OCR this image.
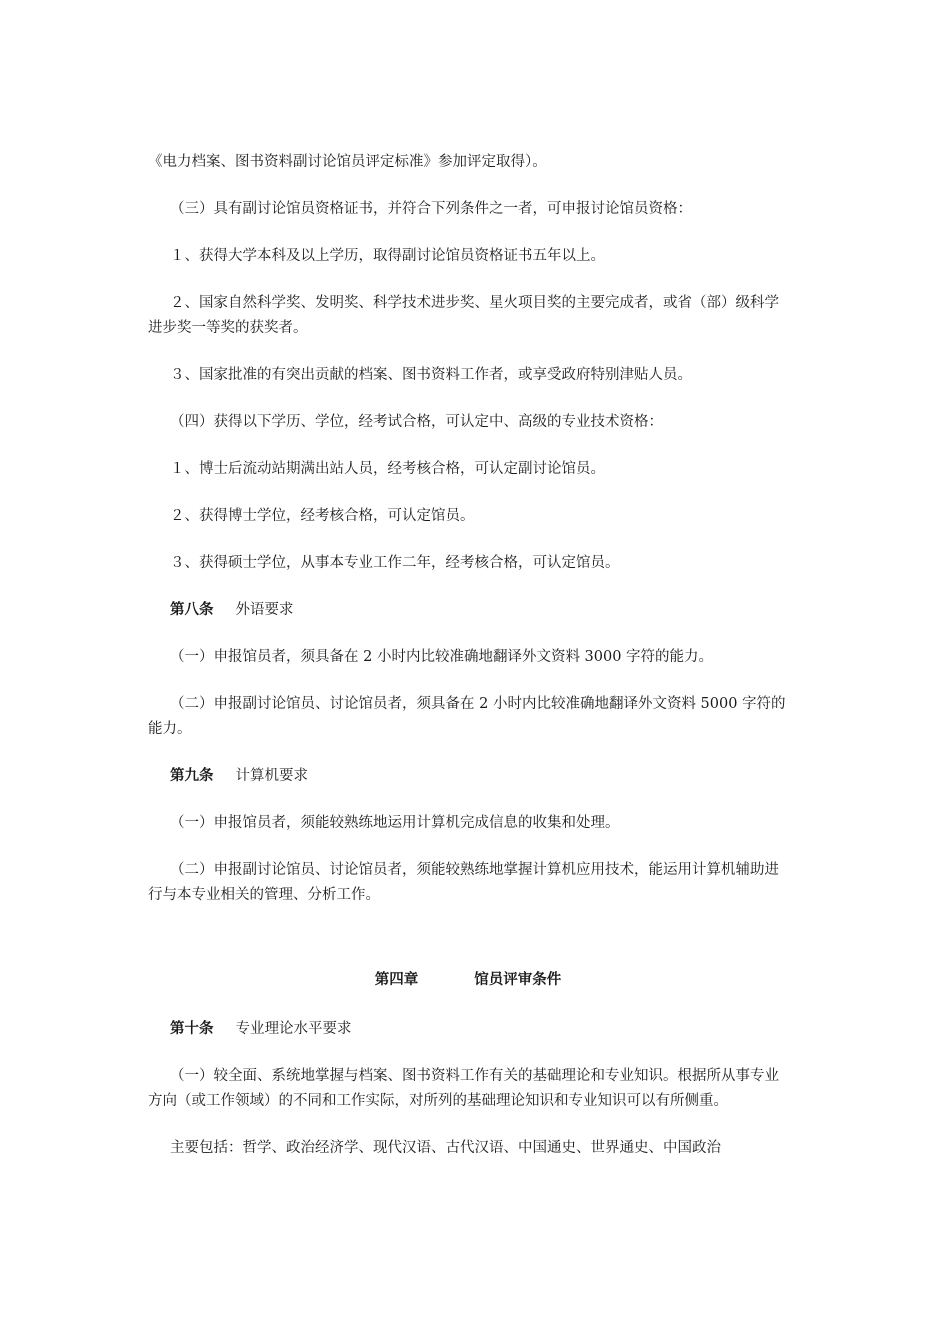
《电力档案、图书资料副讨论馆员评定标准》参加评定取得）。

（三）具有副讨论馆员资格证书，并符合下列条件之一者，可申报讨论馆员资格：

１、获得大学本科及以上学历，取得副讨论馆员资格证书五年以上。

２、国家自然科学奖、发明奖、科学技术进步奖、星火项目奖的主要完成者，或省（部）级科学进步奖一等奖的获奖者。

３、国家批准的有突出贡献的档案、图书资料工作者，或享受政府特别津贴人员。

（四）获得以下学历、学位，经考试合格，可认定中、高级的专业技术资格：

１、博士后流动站期满出站人员，经考核合格，可认定副讨论馆员。

２、获得博士学位，经考核合格，可认定馆员。

３、获得硕士学位，从事本专业工作二年，经考核合格，可认定馆员。

第八条 外语要求

（一）申报馆员者，须具备在 2 小时内比较准确地翻译外文资料 3000 字符的能力。

（二）申报副讨论馆员、讨论馆员者，须具备在 2 小时内比较准确地翻译外文资料 5000 字符的能力。

第九条 计算机要求

（一）申报馆员者，须能较熟练地运用计算机完成信息的收集和处理。

（二）申报副讨论馆员、讨论馆员者，须能较熟练地掌握计算机应用技术，能运用计算机辅助进行与本专业相关的管理、分析工作。

第四章	馆员评审条件
第十条 专业理论水平要求

（一）较全面、系统地掌握与档案、图书资料工作有关的基础理论和专业知识。根据所从事专业方向（或工作领域）的不同和工作实际，对所列的基础理论知识和专业知识可以有所侧重。

主要包括：哲学、政治经济学、现代汉语、古代汉语、中国通史、世界通史、中国政治
